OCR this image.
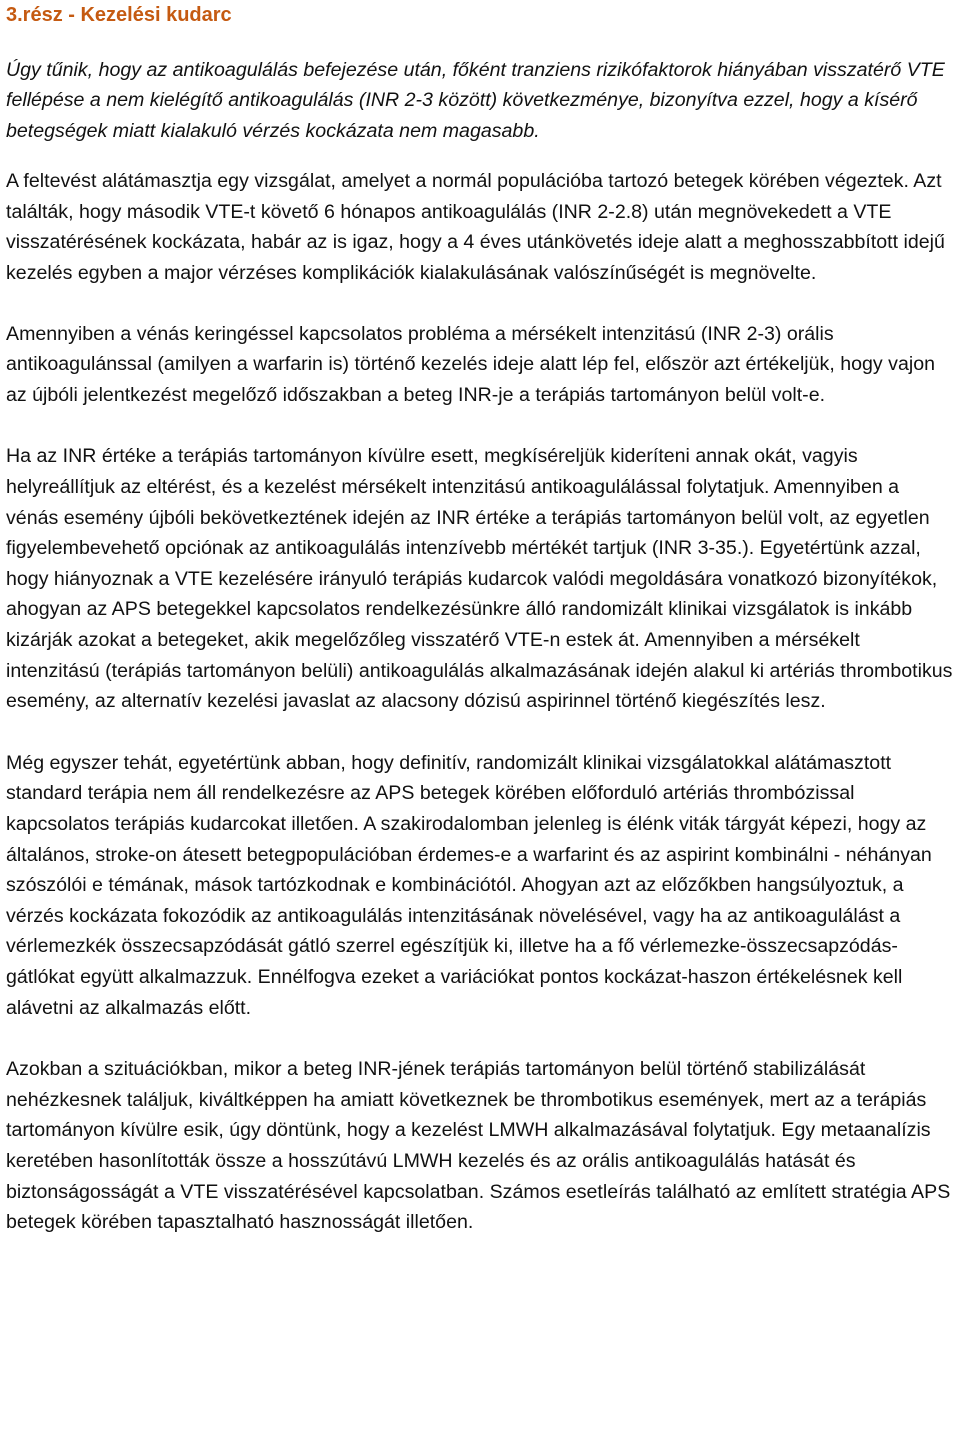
3.rész - Kezelési kudarc

Úgy tűnik, hogy az antikoagulálás befejezése után, főként tranziens rizikófaktorok hiányában visszatérő VTE fellépése a nem kielégítő antikoagulálás (INR 2-3 között) következménye, bizonyítva ezzel, hogy a kísérő betegségek miatt kialakuló vérzés kockázata nem magasabb.

A feltevést alátámasztja egy vizsgálat, amelyet a normál populációba tartozó betegek körében végeztek. Azt találták, hogy második VTE-t követő 6 hónapos antikoagulálás (INR 2-2.8) után megnövekedett a VTE visszatérésének kockázata, habár az is igaz, hogy a 4 éves utánkövetés ideje alatt a meghosszabbított idejű kezelés egyben a major vérzéses komplikációk kialakulásának valószínűségét is megnövelte.

Amennyiben a vénás keringéssel kapcsolatos probléma a mérsékelt intenzitású (INR 2-3) orális antikoagulánssal (amilyen a warfarin is) történő kezelés ideje alatt lép fel, először azt értékeljük, hogy vajon az újbóli jelentkezést megelőző időszakban a beteg INR-je a terápiás tartományon belül volt-e.

Ha az INR értéke a terápiás tartományon kívülre esett, megkíséreljük kideríteni annak okát, vagyis helyreállítjuk az eltérést, és a kezelést mérsékelt intenzitású antikoagulálással folytatjuk. Amennyiben a vénás esemény újbóli bekövetkeztének idején az INR értéke a terápiás tartományon belül volt, az egyetlen figyelembevehető opciónak az antikoagulálás intenzívebb mértékét tartjuk (INR 3-35.). Egyetértünk azzal, hogy hiányoznak a VTE kezelésére irányuló terápiás kudarcok valódi megoldására vonatkozó bizonyítékok, ahogyan az APS betegekkel kapcsolatos rendelkezésünkre álló randomizált klinikai vizsgálatok is inkább kizárják azokat a betegeket, akik megelőzőleg visszatérő VTE-n estek át. Amennyiben a mérsékelt intenzitású (terápiás tartományon belüli) antikoagulálás alkalmazásának idején alakul ki artériás thrombotikus esemény, az alternatív kezelési javaslat az alacsony dózisú aspirinnel történő kiegészítés lesz.

Még egyszer tehát, egyetértünk abban, hogy definitív, randomizált klinikai vizsgálatokkal alátámasztott standard terápia nem áll rendelkezésre az APS betegek körében előforduló artériás thrombózissal kapcsolatos terápiás kudarcokat illetően. A szakirodalomban jelenleg is élénk viták tárgyát képezi, hogy az általános, stroke-on átesett betegpopulációban érdemes-e a warfarint és az aspirint kombinálni - néhányan szószólói e témának, mások tartózkodnak e kombinációtól. Ahogyan azt az előzőkben hangsúlyoztuk, a vérzés kockázata fokozódik az antikoagulálás intenzitásának növelésével, vagy ha az antikoagulálást a vérlemezkék összecsapzódását gátló szerrel egészítjük ki, illetve ha a fő vérlemezke-összecsapzódás-gátlókat együtt alkalmazzuk. Ennélfogva ezeket a variációkat pontos kockázat-haszon értékelésnek kell alávetni az alkalmazás előtt.

Azokban a szituációkban, mikor a beteg INR-jének terápiás tartományon belül történő stabilizálását nehézkesnek találjuk, kiváltképpen ha amiatt következnek be thrombotikus események, mert az a terápiás tartományon kívülre esik, úgy döntünk, hogy a kezelést LMWH alkalmazásával folytatjuk. Egy metaanalízis keretében hasonlították össze a hosszútávú LMWH kezelés és az orális antikoagulálás hatását és biztonságosságát a VTE visszatérésével kapcsolatban. Számos esetleírás található az említett stratégia APS betegek körében tapasztalható hasznosságát illetően.
